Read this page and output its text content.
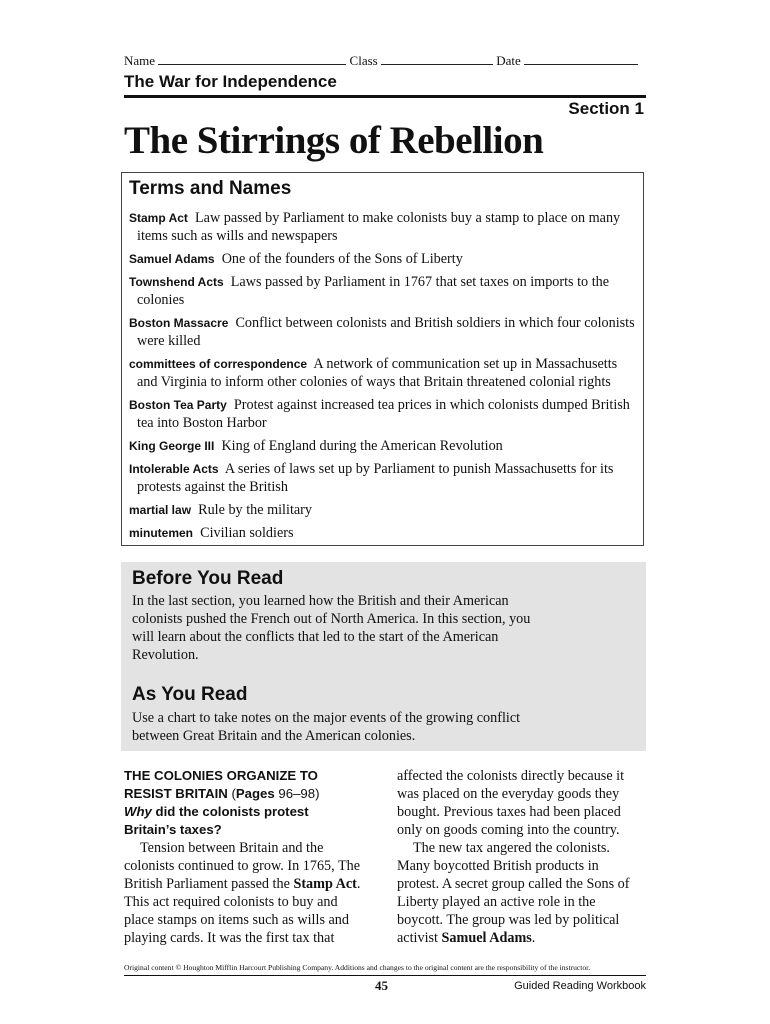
Name	Class	Date
The War for Independence
Section 1
The Stirrings of Rebellion
Terms and Names
Stamp Act Law passed by Parliament to make colonists buy a stamp to place on many items such as wills and newspapers
Samuel Adams One of the founders of the Sons of Liberty
Townshend Acts Laws passed by Parliament in 1767 that set taxes on imports to the colonies
Boston Massacre Conflict between colonists and British soldiers in which four colonists were killed
committees of correspondence A network of communication set up in Massachusetts and Virginia to inform other colonies of ways that Britain threatened colonial rights
Boston Tea Party Protest against increased tea prices in which colonists dumped British tea into Boston Harbor
King George III King of England during the American Revolution
Intolerable Acts A series of laws set up by Parliament to punish Massachusetts for its protests against the British
martial law Rule by the military
minutemen Civilian soldiers
Before You Read

In the last section, you learned how the British and their American

colonists pushed the French out of North America. In this section, you

will learn about the conflicts that led to the start of the American

Revolution.

As You Read

Use a chart to take notes on the major events of the growing conflict

between Great Britain and the American colonies.

THE COLONIES ORGANIZE TO
RESIST BRITAIN (Pages 96–98)
Why did the colonists protest
Britain’s taxes?

Tension between Britain and the

colonists continued to grow. In 1765, The

British Parliament passed the Stamp Act.

This act required colonists to buy and

place stamps on items such as wills and

playing cards. It was the first tax that

affected the colonists directly because it

was placed on the everyday goods they

bought. Previous taxes had been placed

only on goods coming into the country.

The new tax angered the colonists.

Many boycotted British products in

protest. A secret group called the Sons of

Liberty played an active role in the

boycott. The group was led by political

activist Samuel Adams.

Original content © Houghton Mifflin Harcourt Publishing Company. Additions and changes to the original content are the responsibility of the instructor.
45	Guided Reading Workbook
